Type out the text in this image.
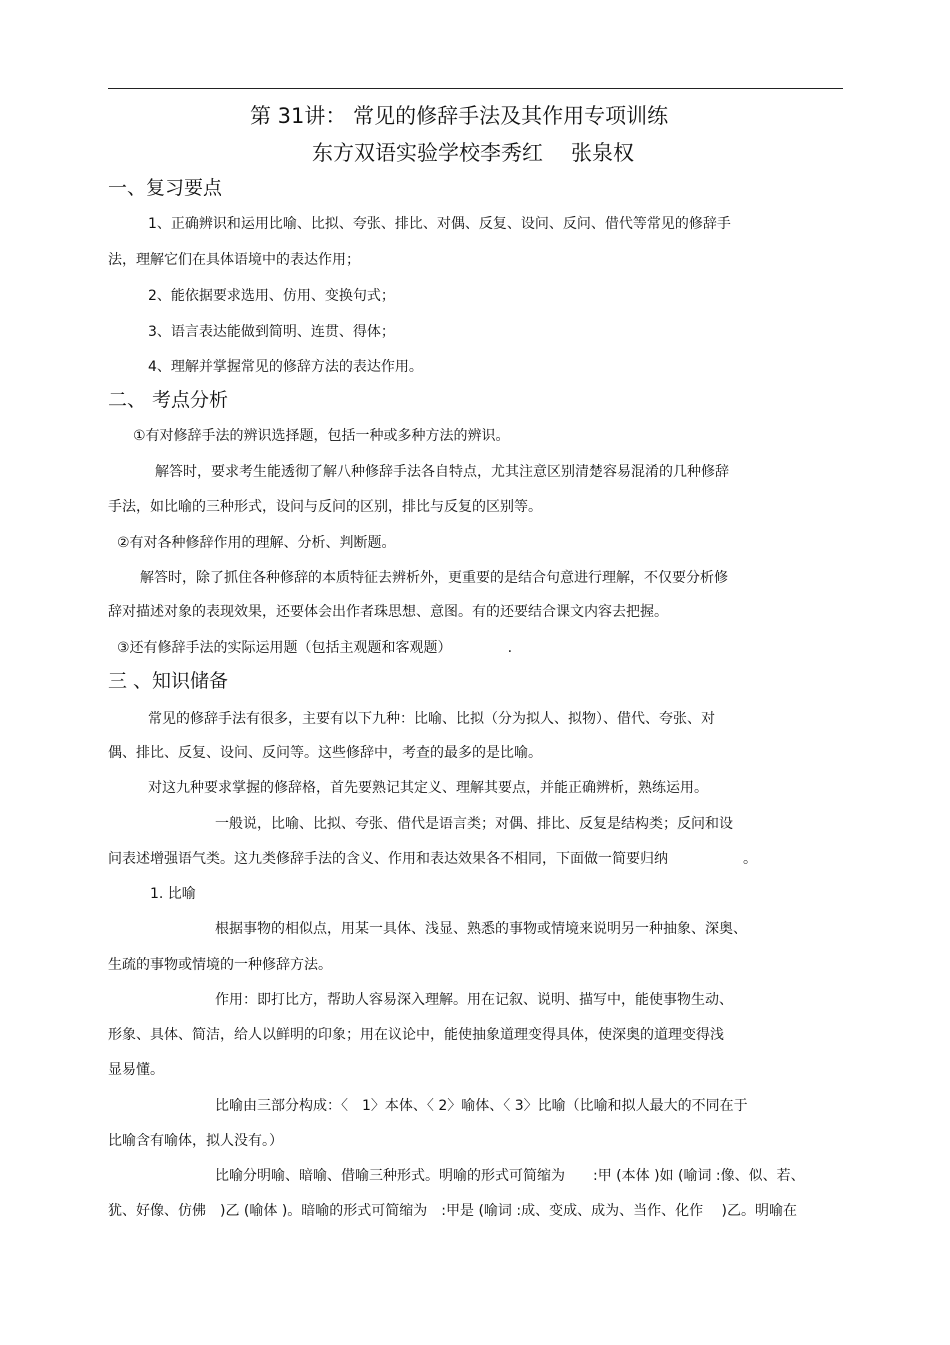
第 31讲： 常见的修辞手法及其作用专项训练
东方双语实验学校李秀红 张泉权
一、复习要点
1、正确辨识和运用比喻、比拟、夸张、排比、对偶、反复、设问、反问、借代等常见的修辞手
法，理解它们在具体语境中的表达作用；
2、能依据要求选用、仿用、变换句式；
3、语言表达能做到简明、连贯、得体；
4、理解并掌握常见的修辞方法的表达作用。
二、 考点分析
①有对修辞手法的辨识选择题，包括一种或多种方法的辨识。
解答时，要求考生能透彻了解八种修辞手法各自特点，尤其注意区别清楚容易混淆的几种修辞
手法，如比喻的三种形式，设问与反问的区别，排比与反复的区别等。
②有对各种修辞作用的理解、分析、判断题。
解答时，除了抓住各种修辞的本质特征去辨析外，更重要的是结合句意进行理解，不仅要分析修
辞对描述对象的表现效果，还要体会出作者珠思想、意图。有的还要结合课文内容去把握。
③还有修辞手法的实际运用题（包括主观题和客观题）	.
三 、知识储备
常见的修辞手法有很多，主要有以下九种：比喻、比拟（分为拟人、拟物）、借代、夸张、对
偶、排比、反复、设问、反问等。这些修辞中，考查的最多的是比喻。
对这九种要求掌握的修辞格，首先要熟记其定义、理解其要点，并能正确辨析，熟练运用。
一般说，比喻、比拟、夸张、借代是语言类；对偶、排比、反复是结构类；反问和设
问表述增强语气类。这九类修辞手法的含义、作用和表达效果各不相同，下面做一简要归纳	。
1. 比喻
根据事物的相似点，用某一具体、浅显、熟悉的事物或情境来说明另一种抽象、深奥、
生疏的事物或情境的一种修辞方法。
作用：即打比方，帮助人容易深入理解。用在记叙、说明、描写中，能使事物生动、
形象、具体、简洁，给人以鲜明的印象；用在议论中，能使抽象道理变得具体，使深奥的道理变得浅
显易懂。
比喻由三部分构成：〈　1〉本体、〈 2〉喻体、〈 3〉比喻（比喻和拟人最大的不同在于
比喻含有喻体，拟人没有。）
比喻分明喻、暗喻、借喻三种形式。明喻的形式可简缩为　　:甲 (本体 )如 (喻词 :像、似、若、
犹、好像、仿佛　)乙 (喻体 )。暗喻的形式可简缩为　:甲是 (喻词 :成、变成、成为、当作、化作　 )乙。明喻在
